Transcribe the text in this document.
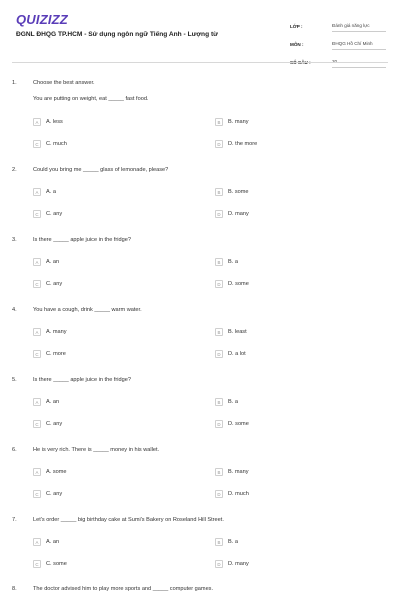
QUIZIZZ
ĐGNL ĐHQG TP.HCM - Sử dụng ngôn ngữ Tiếng Anh - Lượng từ
LỚP :	Đánh giá năng lực
MÔN :	ĐHQG Hồ Chí Minh
SỐ CÂU :	20
1.	Choose the best answer.
You are putting on weight, eat _____ fast food.
A	A. less	B	B. many
C	C. much	D	D. the more
2.	Could you bring me _____ glass of lemonade, please?
A	A. a	B	B. some
C	C. any	D	D. many
3.	Is there _____ apple juice in the fridge?
A	A. an	B	B. a
C	C. any	D	D. some
4.	You have a cough, drink _____ warm water.
A	A. many	B	B. least
C	C. more	D	D. a lot
5.	Is there _____ apple juice in the fridge?
A	A. an	B	B. a
C	C. any	D	D. some
6.	He is very rich. There is _____ money in his wallet.
A	A. some	B	B. many
C	C. any	D	D. much
7.	Let's order _____ big birthday cake at Sumi's Bakery on Roseland Hill Street.
A	A. an	B	B. a
C	C. some	D	D. many
8.	The doctor advised him to play more sports and _____ computer games.
